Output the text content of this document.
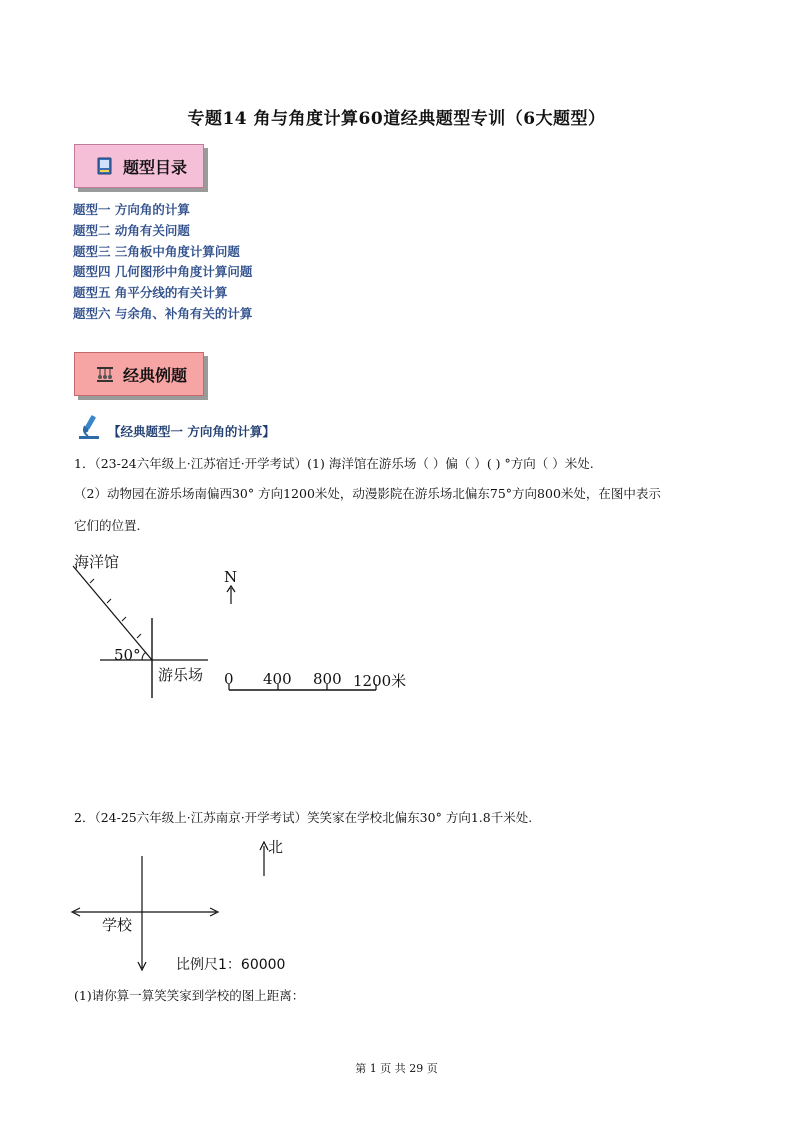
专题14 角与角度计算60道经典题型专训（6大题型）
题型目录
题型一 方向角的计算
题型二 动角有关问题
题型三 三角板中角度计算问题
题型四 几何图形中角度计算问题
题型五 角平分线的有关计算
题型六 与余角、补角有关的计算
经典例题
【经典题型一 方向角的计算】
1．（23-24六年级上·江苏宿迁·开学考试）(1) 海洋馆在游乐场（ ）偏（ ）( ) °方向（ ）米处.
（2）动物园在游乐场南偏西30° 方向1200米处，动漫影院在游乐场北偏东75°方向800米处，在图中表示
它们的位置.
海洋馆
50°
游乐场
N
0 400 800 1200米
2．（24-25六年级上·江苏南京·开学考试）笑笑家在学校北偏东30° 方向1.8千米处.
北
学校
比例尺1：60000
(1)请你算一算笑笑家到学校的图上距离：
第 1 页 共 29 页
